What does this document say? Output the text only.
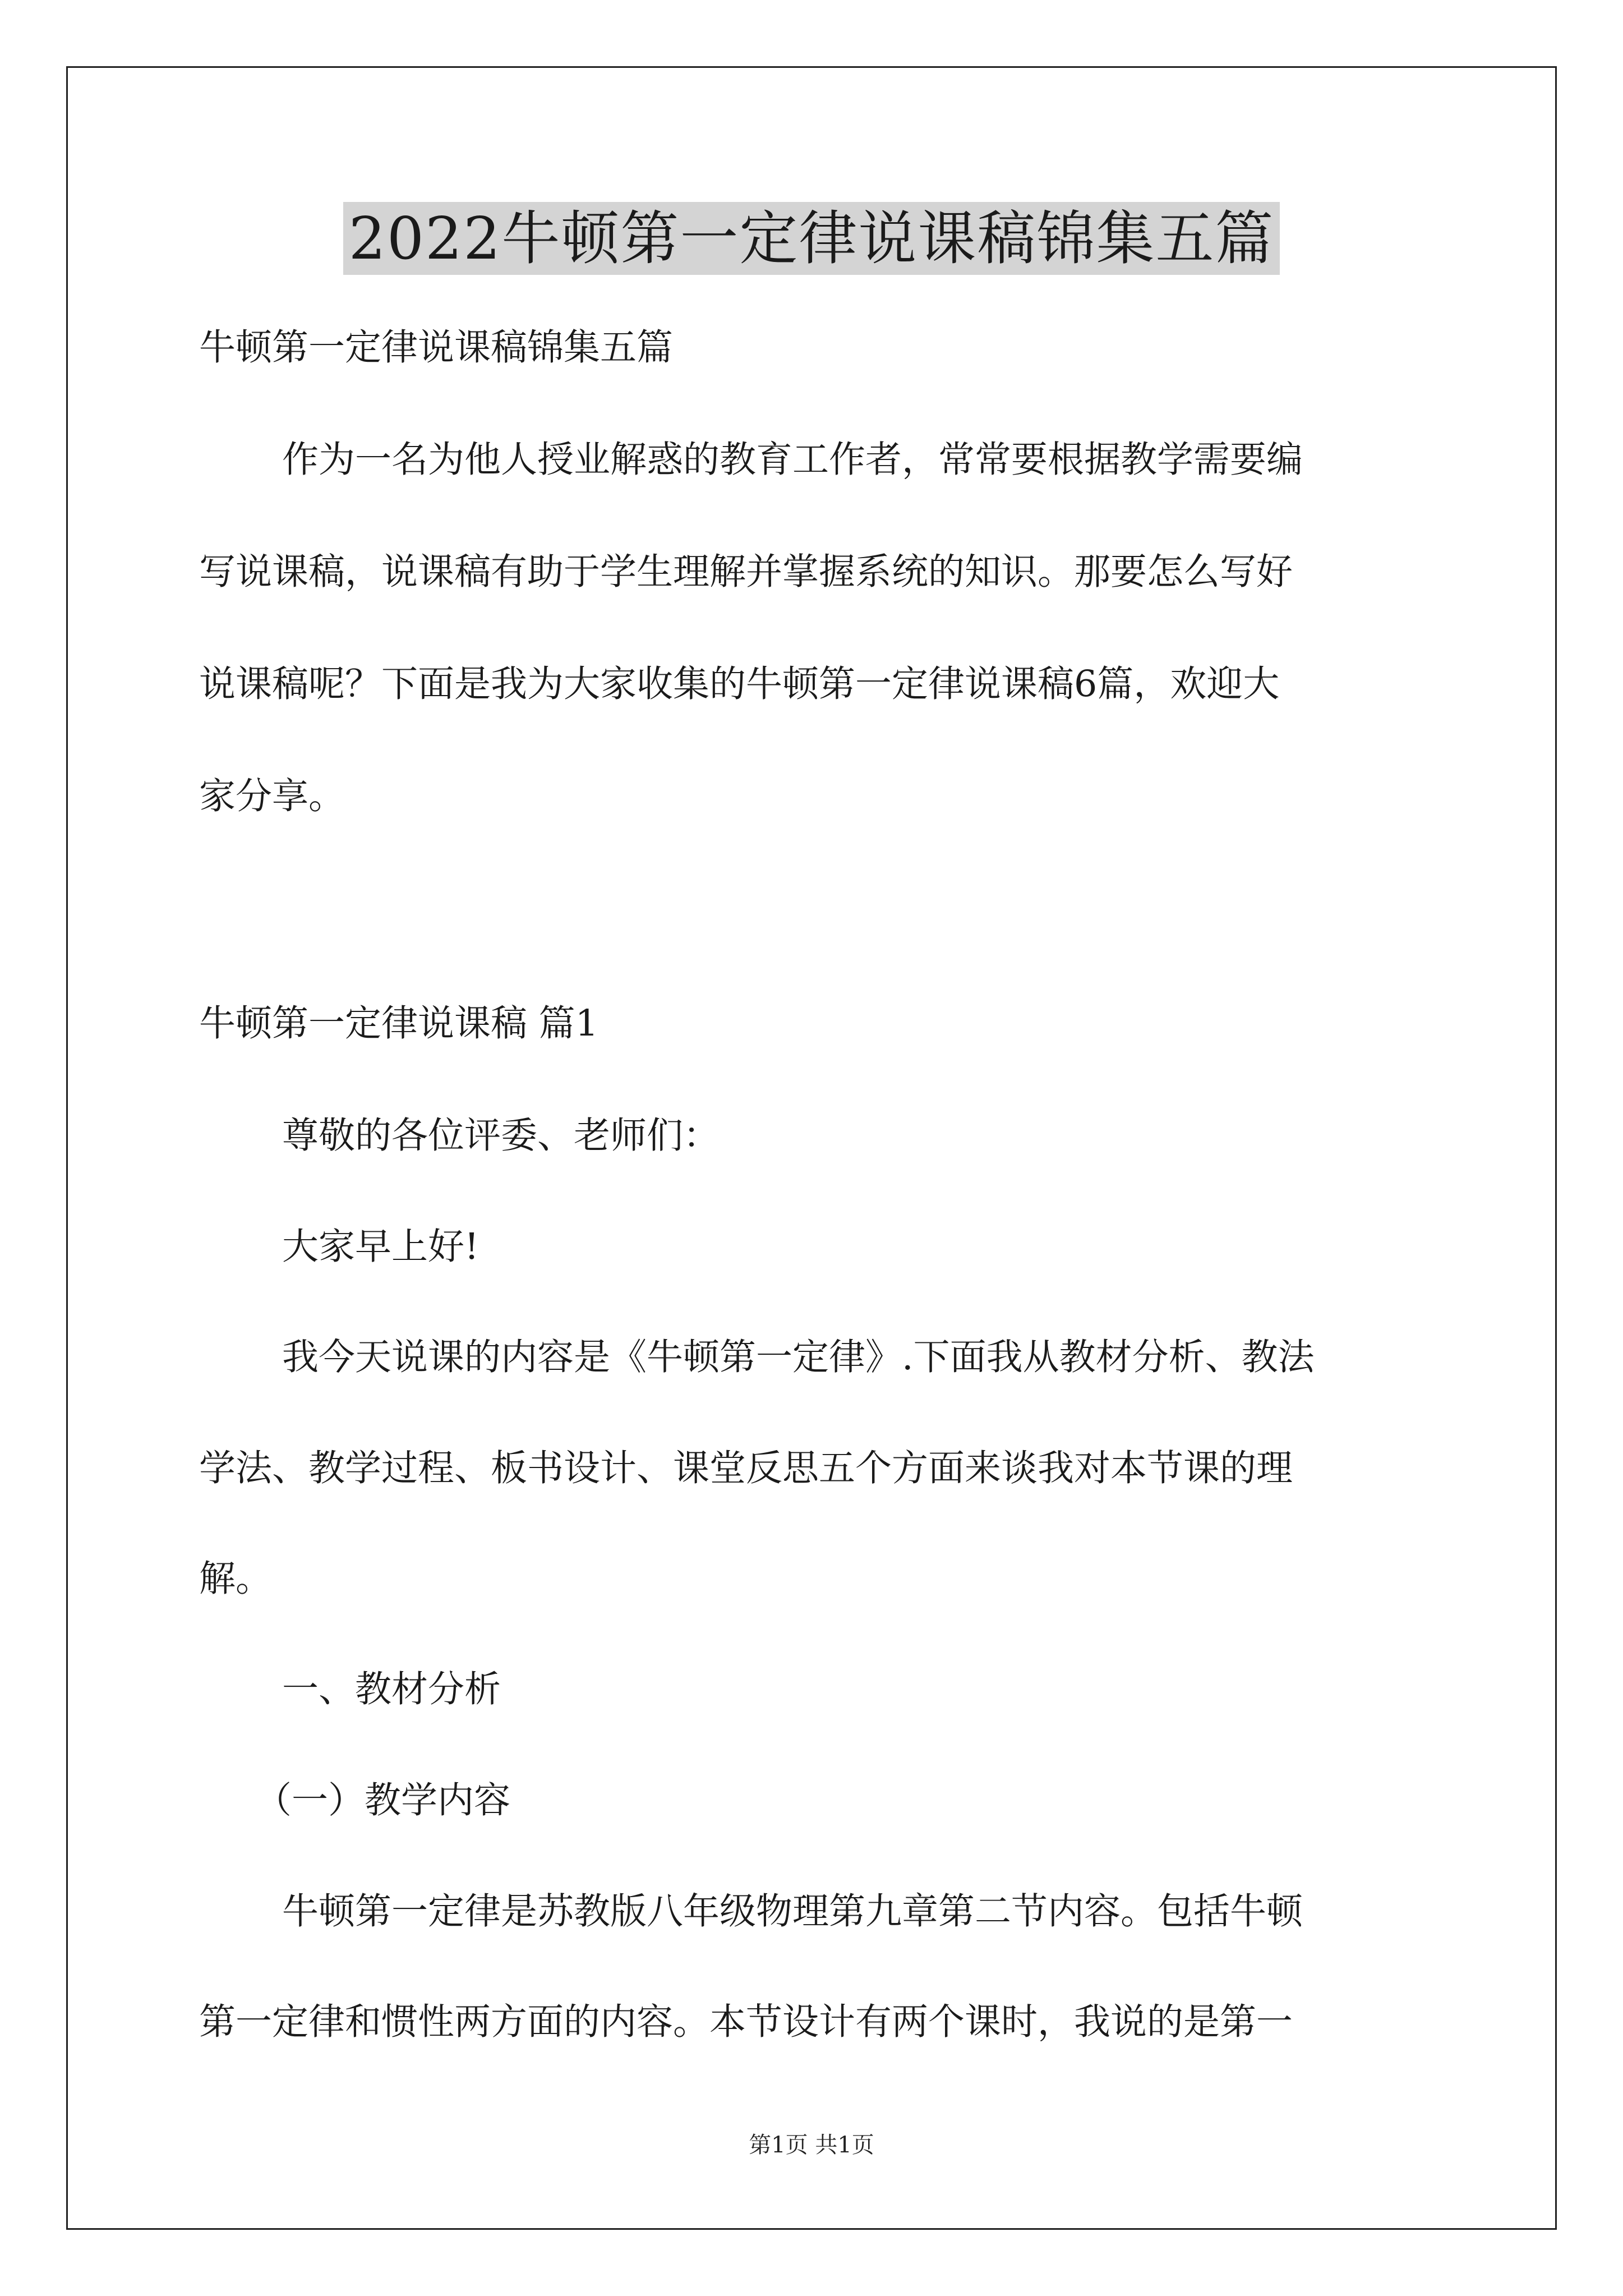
2022牛顿第一定律说课稿锦集五篇
牛顿第一定律说课稿锦集五篇
作为一名为他人授业解惑的教育工作者，常常要根据教学需要编
写说课稿，说课稿有助于学生理解并掌握系统的知识。那要怎么写好
说课稿呢？下面是我为大家收集的牛顿第一定律说课稿6篇，欢迎大
家分享。
牛顿第一定律说课稿 篇1
尊敬的各位评委、老师们：
大家早上好!
我今天说课的内容是《牛顿第一定律》.下面我从教材分析、教法
学法、教学过程、板书设计、课堂反思五个方面来谈我对本节课的理
解。
一、教材分析
（一）教学内容
牛顿第一定律是苏教版八年级物理第九章第二节内容。包括牛顿
第一定律和惯性两方面的内容。本节设计有两个课时，我说的是第一
第1页 共1页
